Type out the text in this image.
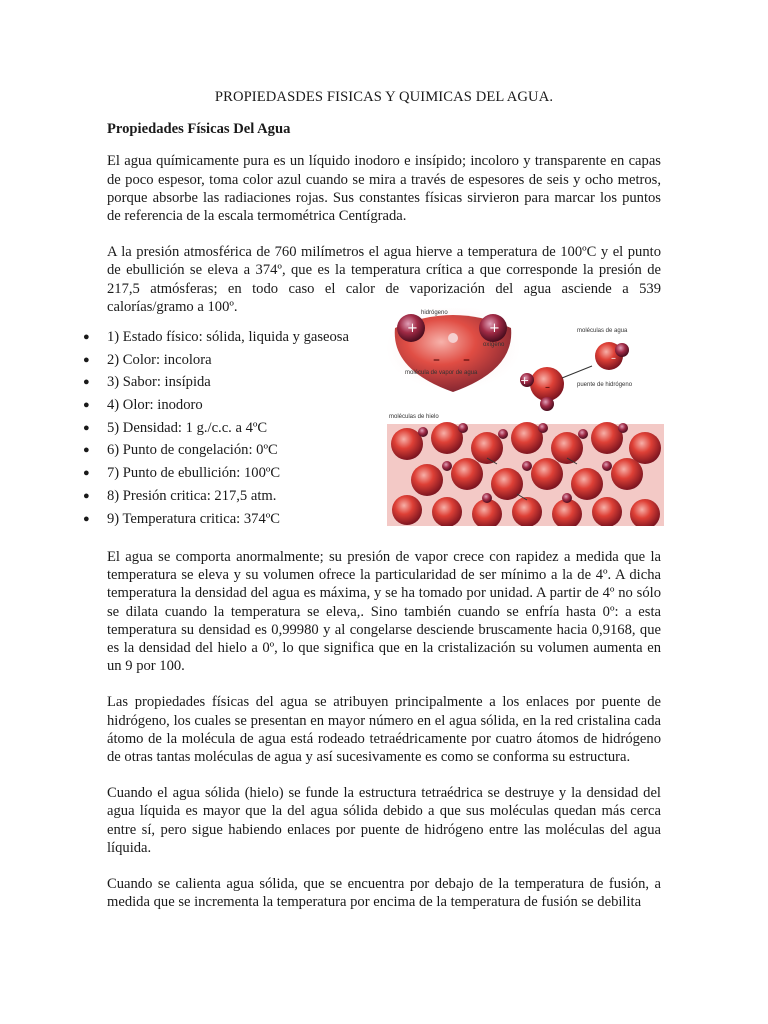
PROPIEDASDES FISICAS Y QUIMICAS DEL AGUA.

Propiedades Físicas Del Agua

El agua químicamente pura es un líquido inodoro e insípido; incoloro y transparente en capas de poco espesor, toma color azul cuando se mira a través de espesores de seis y ocho metros, porque absorbe las radiaciones rojas. Sus constantes físicas sirvieron para marcar los puntos de referencia de la escala termométrica Centígrada.

A la presión atmosférica de 760 milímetros el agua hierve a temperatura de 100ºC y el punto de ebullición se eleva a 374º, que es la temperatura crítica a que corresponde la presión de 217,5 atmósferas; en todo caso el calor de vaporización del agua asciende a 539 calorías/gramo a 100º.

● 1) Estado físico: sólida, liquida y gaseosa
● 2) Color: incolora
● 3) Sabor: insípida
● 4) Olor: inodoro
● 5) Densidad: 1 g./c.c. a 4ºC
● 6) Punto de congelación: 0ºC
● 7) Punto de ebullición: 100ºC
● 8) Presión critica: 217,5 atm.
● 9) Temperatura critica: 374ºC
+	+
– –
hidrógeno
oxígeno
molécula de vapor de agua
moléculas de agua
–
+
–	puente de hidrógeno
moléculas de hielo

El agua se comporta anormalmente; su presión de vapor crece con rapidez a medida que la temperatura se eleva y su volumen ofrece la particularidad de ser mínimo a la de 4º. A dicha temperatura la densidad del agua es máxima, y se ha tomado por unidad. A partir de 4º no sólo se dilata cuando la temperatura se eleva,. Sino también cuando se enfría hasta 0º: a esta temperatura su densidad es 0,99980 y al congelarse desciende bruscamente hacia 0,9168, que es la densidad del hielo a 0º, lo que significa que en la cristalización su volumen aumenta en un 9 por 100.

Las propiedades físicas del agua se atribuyen principalmente a los enlaces por puente de hidrógeno, los cuales se presentan en mayor número en el agua sólida, en la red cristalina cada átomo de la molécula de agua está rodeado tetraédricamente por cuatro átomos de hidrógeno de otras tantas moléculas de agua y así sucesivamente es como se conforma su estructura.

Cuando el agua sólida (hielo) se funde la estructura tetraédrica se destruye y la densidad del agua líquida es mayor que la del agua sólida debido a que sus moléculas quedan más cerca entre sí, pero sigue habiendo enlaces por puente de hidrógeno entre las moléculas del agua líquida.

Cuando se calienta agua sólida, que se encuentra por debajo de la temperatura de fusión, a medida que se incrementa la temperatura por encima de la temperatura de fusión se debilita
